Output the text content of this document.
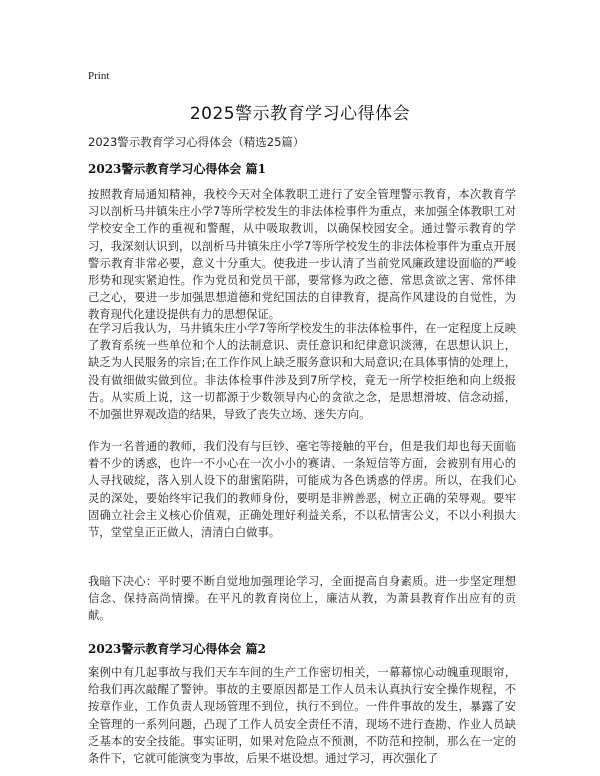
Print
2025警示教育学习心得体会
2023警示教育学习心得体会（精选25篇）
2023警示教育学习心得体会 篇1

按照教育局通知精神，我校今天对全体教职工进行了安全管理警示教育，本次教育学习以剖析马井镇朱庄小学7等所学校发生的非法体检事件为重点，来加强全体教职工对学校安全工作的重视和警醒，从中吸取教训，以确保校园安全。通过警示教育的学习，我深刻认识到，以剖析马井镇朱庄小学7等所学校发生的非法体检事件为重点开展警示教育非常必要，意义十分重大。使我进一步认清了当前党风廉政建设面临的严峻形势和现实紧迫性。作为党员和党员干部，要常修为政之德、常思贪欲之害、常怀律己之心，要进一步加强思想道德和党纪国法的自律教育，提高作风建设的自觉性，为教育现代化建设提供有力的思想保证。

在学习后我认为，马井镇朱庄小学7等所学校发生的非法体检事件，在一定程度上反映了教育系统一些单位和个人的法制意识、责任意识和纪律意识淡薄，在思想认识上，缺乏为人民服务的宗旨;在工作作风上缺乏服务意识和大局意识;在具体事情的处理上，没有做细做实做到位。非法体检事件涉及到7所学校，竟无一所学校拒绝和向上级报告。从实质上说，这一切都源于少数领导内心的贪欲之念，是思想滑坡、信念动摇，不加强世界观改造的结果，导致了丧失立场、迷失方向。

作为一名普通的教师，我们没有与巨钞、毫宅等接触的平台，但是我们却也每天面临着不少的诱惑，也许一不小心在一次小小的赛请、一条短信等方面，会被别有用心的人寻找破绽，落入别人设下的甜蜜陷阱，可能成为各色诱惑的俘虏。所以，在我们心灵的深处，要始终牢记我们的教师身份，要明是非辨善恶，树立正确的荣辱观。要牢固确立社会主义核心价值观，正确处理好利益关系，不以私情害公义，不以小利损大节，堂堂皇正正做人，清清白白做事。

我暗下决心：平时要不断自觉地加强理论学习，全面提高自身素质。进一步坚定理想信念、保持高尚情操。在平凡的教育岗位上，廉洁从教，为萧县教育作出应有的贡献。

2023警示教育学习心得体会 篇2

案例中有几起事故与我们天车车间的生产工作密切相关，一幕幕惊心动魄重现眼帘，给我们再次敲醒了警钟。事故的主要原因都是工作人员未认真执行安全操作规程，不按章作业，工作负责人现场管理不到位，执行不到位。一件件事故的发生，暴露了安全管理的一系列问题，凸现了工作人员安全责任不清，现场不进行查勘、作业人员缺乏基本的安全技能。事实证明，如果对危险点不预测，不防范和控制，那么在一定的条件下，它就可能演变为事故，后果不堪设想。通过学习，再次强化了
